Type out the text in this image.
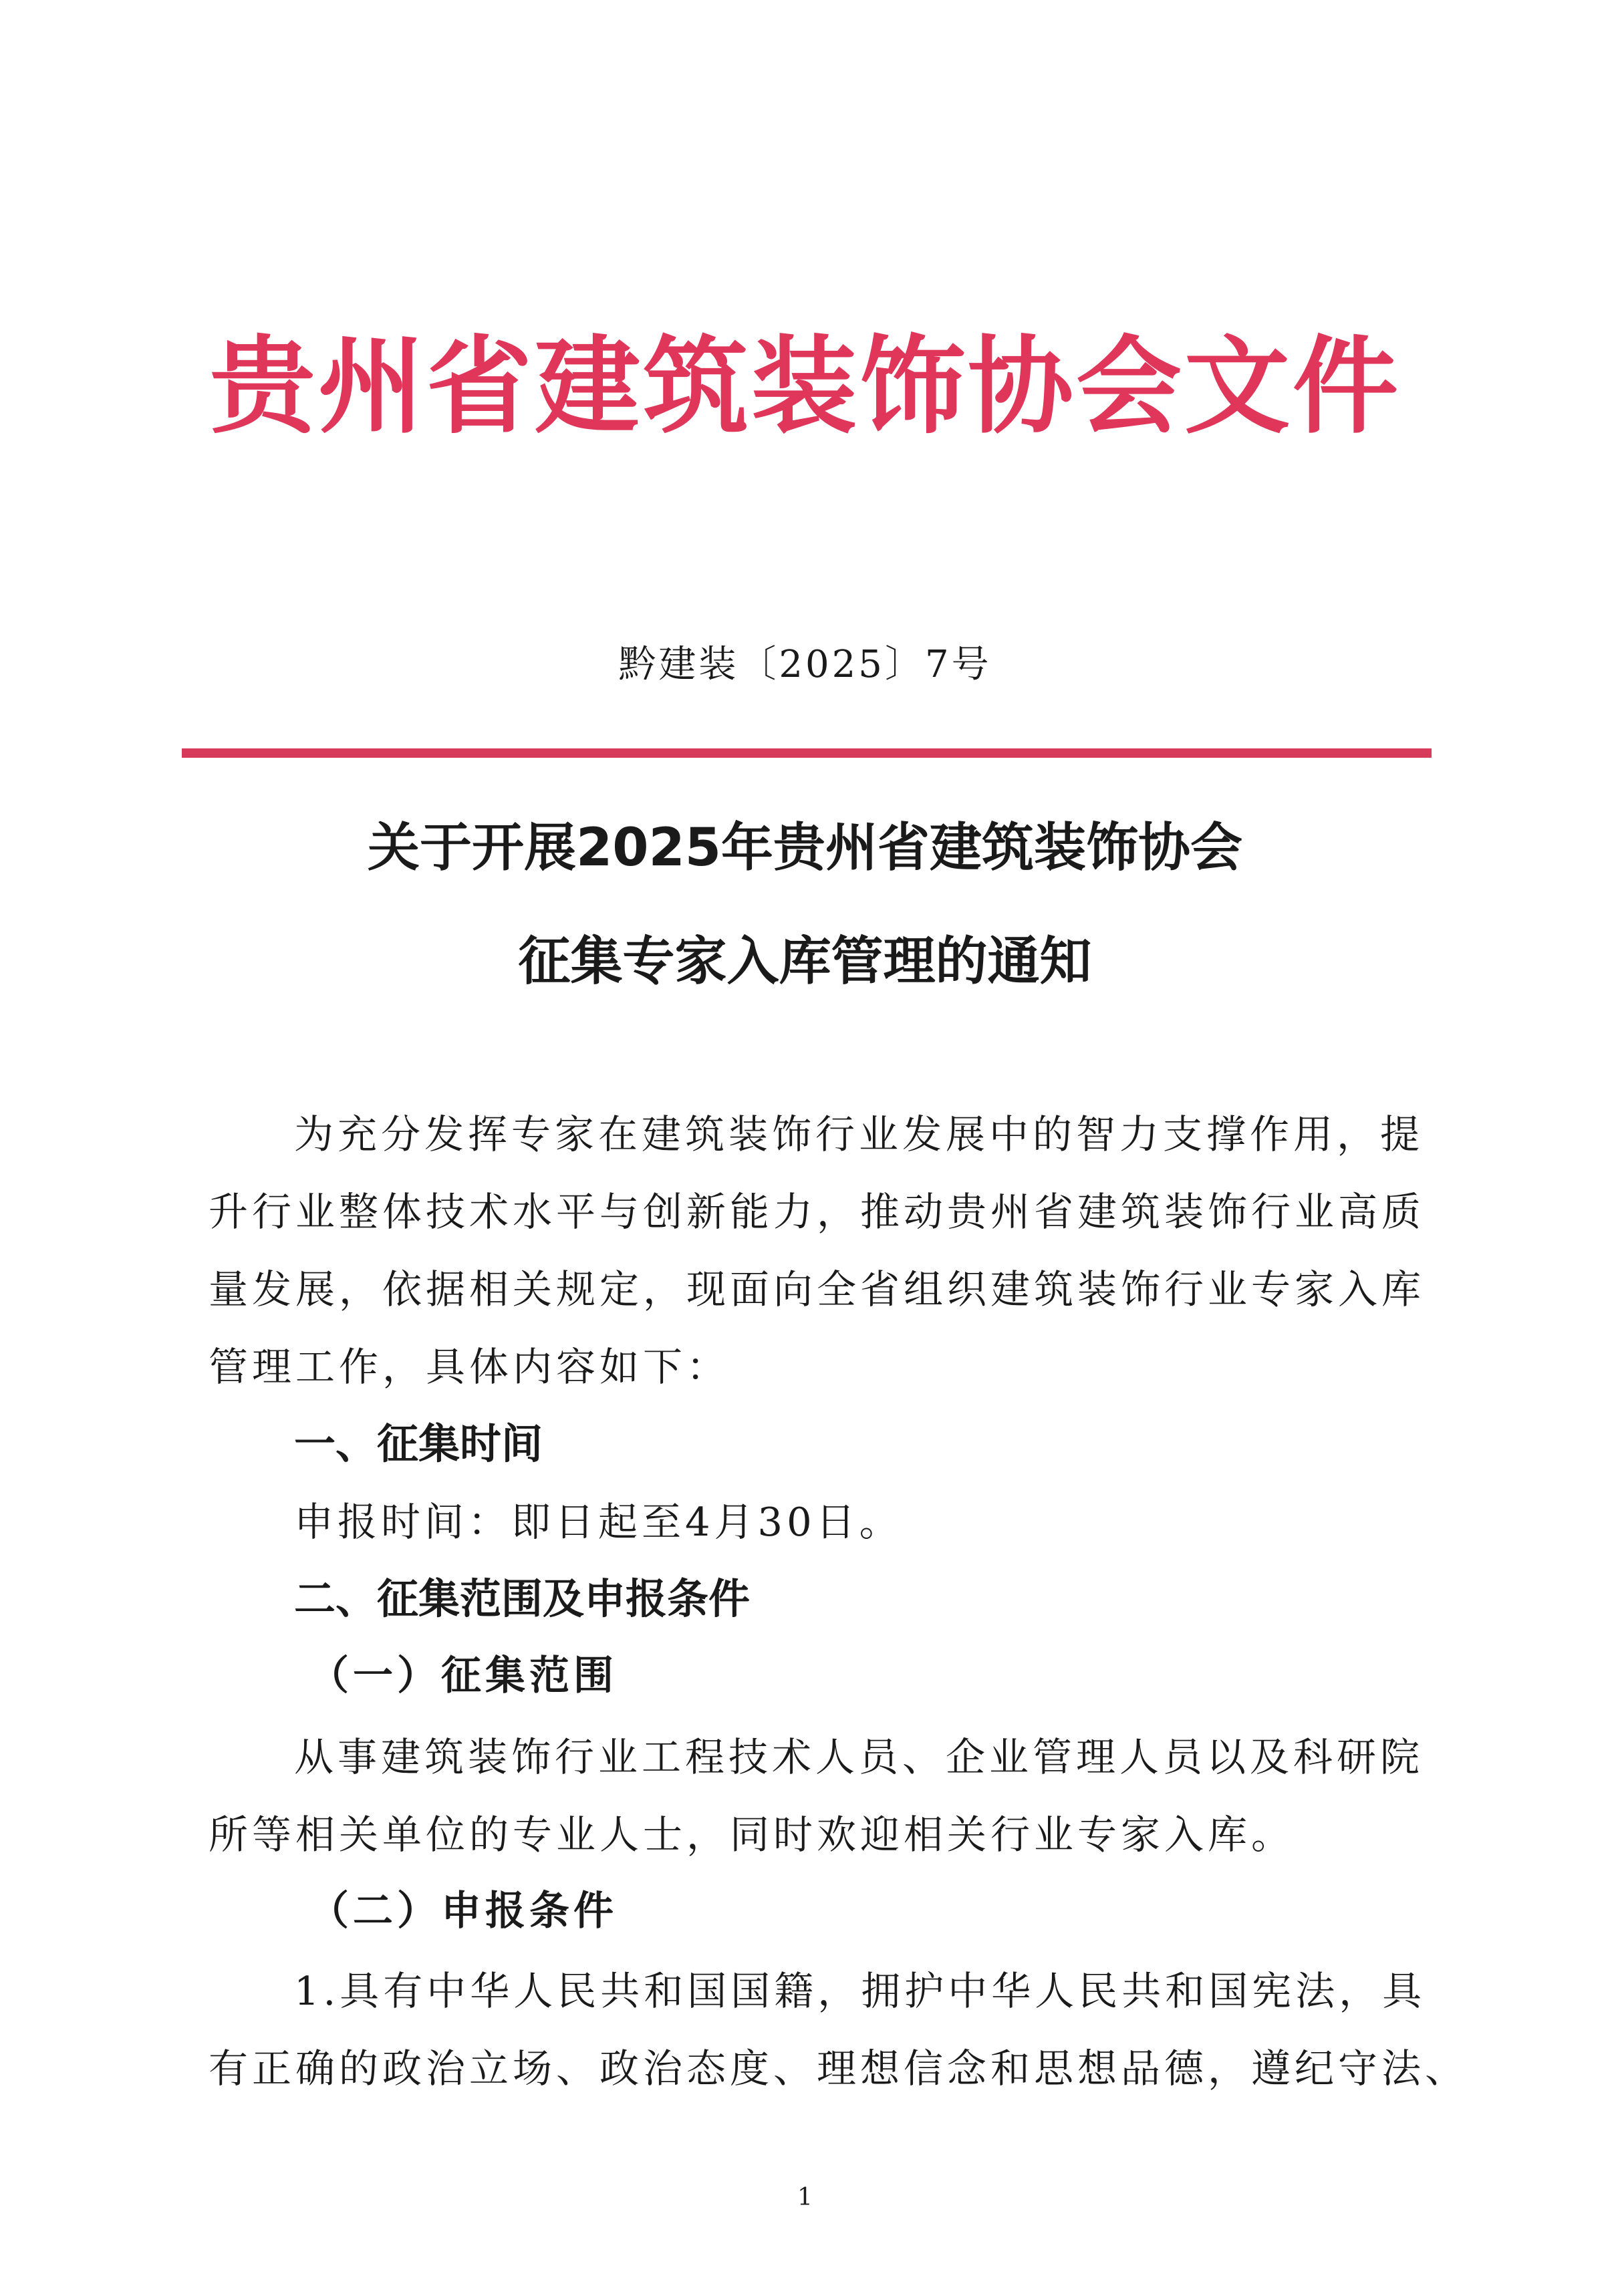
贵州省建筑装饰协会文件
黔建装〔2025〕7号
关于开展2025年贵州省建筑装饰协会
征集专家入库管理的通知
为充分发挥专家在建筑装饰行业发展中的智力支撑作用，提
升行业整体技术水平与创新能力，推动贵州省建筑装饰行业高质
量发展，依据相关规定，现面向全省组织建筑装饰行业专家入库
管理工作，具体内容如下：
一、征集时间
申报时间：即日起至4月30日。
二、征集范围及申报条件
（一）征集范围
从事建筑装饰行业工程技术人员、企业管理人员以及科研院
所等相关单位的专业人士，同时欢迎相关行业专家入库。
（二）申报条件
1.具有中华人民共和国国籍，拥护中华人民共和国宪法，具
有正确的政治立场、政治态度、理想信念和思想品德，遵纪守法、
1
